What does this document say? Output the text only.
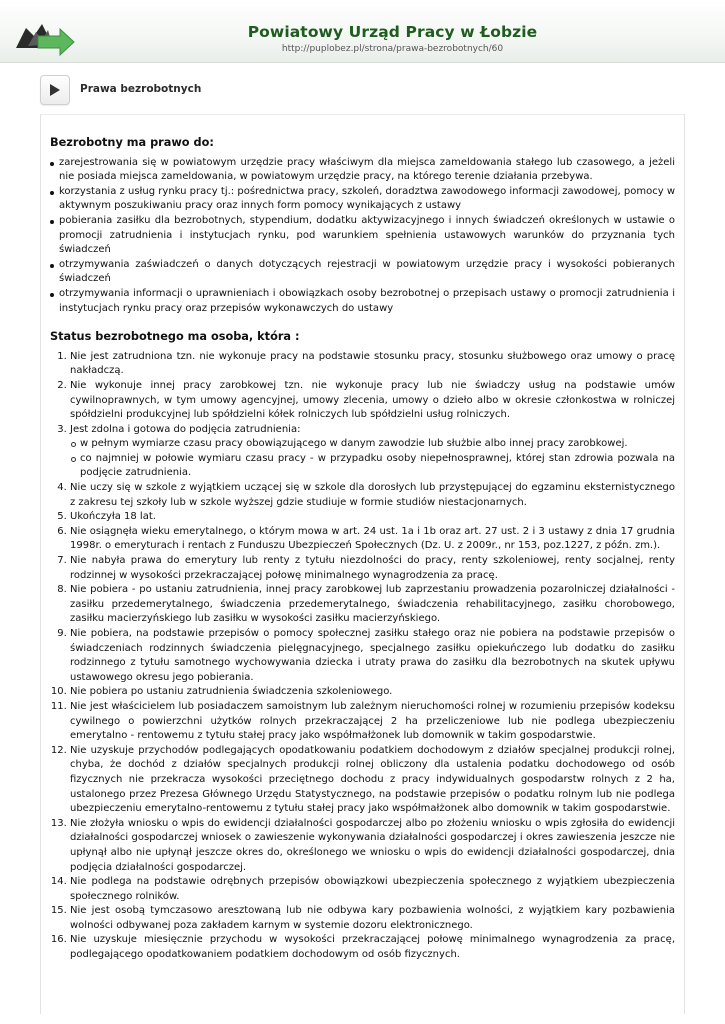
Powiatowy Urząd Pracy w Łobzie
http://puplobez.pl/strona/prawa-bezrobotnych/60
Prawa bezrobotnych
Bezrobotny ma prawo do:
zarejestrowania się w powiatowym urzędzie pracy właściwym dla miejsca zameldowania stałego lub czasowego, a jeżeli nie posiada miejsca zameldowania, w powiatowym urzędzie pracy, na którego terenie działania przebywa.
korzystania z usług rynku pracy tj.: pośrednictwa pracy, szkoleń, doradztwa zawodowego informacji zawodowej, pomocy w aktywnym poszukiwaniu pracy oraz innych form pomocy wynikających z ustawy
pobierania zasiłku dla bezrobotnych, stypendium, dodatku aktywizacyjnego i innych świadczeń określonych w ustawie o promocji zatrudnienia i instytucjach rynku, pod warunkiem spełnienia ustawowych warunków do przyznania tych świadczeń
otrzymywania zaświadczeń o danych dotyczących rejestracji w powiatowym urzędzie pracy i wysokości pobieranych świadczeń
otrzymywania informacji o uprawnieniach i obowiązkach osoby bezrobotnej o przepisach ustawy o promocji zatrudnienia i instytucjach rynku pracy oraz przepisów wykonawczych do ustawy
Status bezrobotnego ma osoba, która :
1. Nie jest zatrudniona tzn. nie wykonuje pracy na podstawie stosunku pracy, stosunku służbowego oraz umowy o pracę nakładczą.
2. Nie wykonuje innej pracy zarobkowej tzn. nie wykonuje pracy lub nie świadczy usług na podstawie umów cywilnoprawnych, w tym umowy agencyjnej, umowy zlecenia, umowy o dzieło albo w okresie członkostwa w rolniczej spółdzielni produkcyjnej lub spółdzielni kółek rolniczych lub spółdzielni usług rolniczych.
3. Jest zdolna i gotowa do podjęcia zatrudnienia:
w pełnym wymiarze czasu pracy obowiązującego w danym zawodzie lub służbie albo innej pracy zarobkowej.
co najmniej w połowie wymiaru czasu pracy - w przypadku osoby niepełnosprawnej, której stan zdrowia pozwala na podjęcie zatrudnienia.
4. Nie uczy się w szkole z wyjątkiem uczącej się w szkole dla dorosłych lub przystępującej do egzaminu eksternistycznego z zakresu tej szkoły lub w szkole wyższej gdzie studiuje w formie studiów niestacjonarnych.
5. Ukończyła 18 lat.
6. Nie osiągnęła wieku emerytalnego, o którym mowa w art. 24 ust. 1a i 1b oraz art. 27 ust. 2 i 3 ustawy z dnia 17 grudnia 1998r. o emeryturach i rentach z Funduszu Ubezpieczeń Społecznych (Dz. U. z 2009r., nr 153, poz.1227, z późn. zm.).
7. Nie nabyła prawa do emerytury lub renty z tytułu niezdolności do pracy, renty szkoleniowej, renty socjalnej, renty rodzinnej w wysokości przekraczającej połowę minimalnego wynagrodzenia za pracę.
8. Nie pobiera - po ustaniu zatrudnienia, innej pracy zarobkowej lub zaprzestaniu prowadzenia pozarolniczej działalności - zasiłku przedemerytalnego, świadczenia przedemerytalnego, świadczenia rehabilitacyjnego, zasiłku chorobowego, zasiłku macierzyńskiego lub zasiłku w wysokości zasiłku macierzyńskiego.
9. Nie pobiera, na podstawie przepisów o pomocy społecznej zasiłku stałego oraz nie pobiera na podstawie przepisów o świadczeniach rodzinnych świadczenia pielęgnacyjnego, specjalnego zasiłku opiekuńczego lub dodatku do zasiłku rodzinnego z tytułu samotnego wychowywania dziecka i utraty prawa do zasiłku dla bezrobotnych na skutek upływu ustawowego okresu jego pobierania.
10. Nie pobiera po ustaniu zatrudnienia świadczenia szkoleniowego.
11. Nie jest właścicielem lub posiadaczem samoistnym lub zależnym nieruchomości rolnej w rozumieniu przepisów kodeksu cywilnego o powierzchni użytków rolnych przekraczającej 2 ha przeliczeniowe lub nie podlega ubezpieczeniu emerytalno - rentowemu z tytułu stałej pracy jako współmałżonek lub domownik w takim gospodarstwie.
12. Nie uzyskuje przychodów podlegających opodatkowaniu podatkiem dochodowym z działów specjalnej produkcji rolnej, chyba, że dochód z działów specjalnych produkcji rolnej obliczony dla ustalenia podatku dochodowego od osób fizycznych nie przekracza wysokości przeciętnego dochodu z pracy indywidualnych gospodarstw rolnych z 2 ha, ustalonego przez Prezesa Głównego Urzędu Statystycznego, na podstawie przepisów o podatku rolnym lub nie podlega ubezpieczeniu emerytalno-rentowemu z tytułu stałej pracy jako współmałżonek albo domownik w takim gospodarstwie.
13. Nie złożyła wniosku o wpis do ewidencji działalności gospodarczej albo po złożeniu wniosku o wpis zgłosiła do ewidencji działalności gospodarczej wniosek o zawieszenie wykonywania działalności gospodarczej i okres zawieszenia jeszcze nie upłynął albo nie upłynął jeszcze okres do, określonego we wniosku o wpis do ewidencji działalności gospodarczej, dnia podjęcia działalności gospodarczej.
14. Nie podlega na podstawie odrębnych przepisów obowiązkowi ubezpieczenia społecznego z wyjątkiem ubezpieczenia społecznego rolników.
15. Nie jest osobą tymczasowo aresztowaną lub nie odbywa kary pozbawienia wolności, z wyjątkiem kary pozbawienia wolności odbywanej poza zakładem karnym w systemie dozoru elektronicznego.
16. Nie uzyskuje miesięcznie przychodu w wysokości przekraczającej połowę minimalnego wynagrodzenia za pracę, podlegającego opodatkowaniem podatkiem dochodowym od osób fizycznych.
